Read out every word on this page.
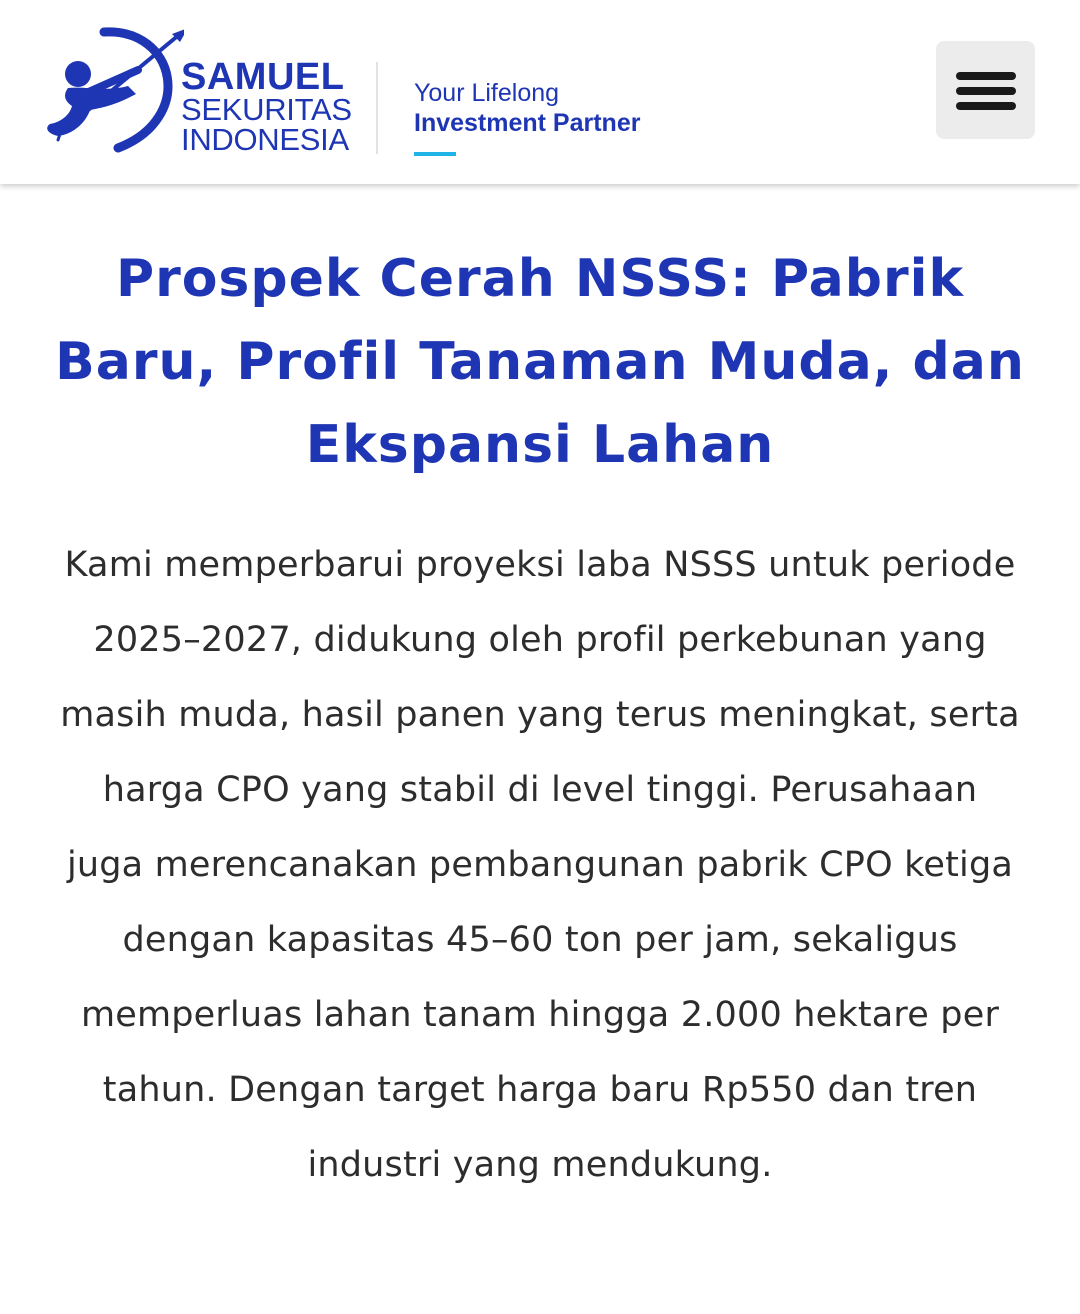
SAMUEL
SEKURITAS
INDONESIA
Your Lifelong
Investment Partner
Prospek Cerah NSSS: Pabrik Baru, Profil Tanaman Muda, dan Ekspansi Lahan

Kami memperbarui proyeksi laba NSSS untuk periode 2025–2027, didukung oleh profil perkebunan yang masih muda, hasil panen yang terus meningkat, serta harga CPO yang stabil di level tinggi. Perusahaan juga merencanakan pembangunan pabrik CPO ketiga dengan kapasitas 45–60 ton per jam, sekaligus memperluas lahan tanam hingga 2.000 hektare per tahun. Dengan target harga baru Rp550 dan tren industri yang mendukung.
